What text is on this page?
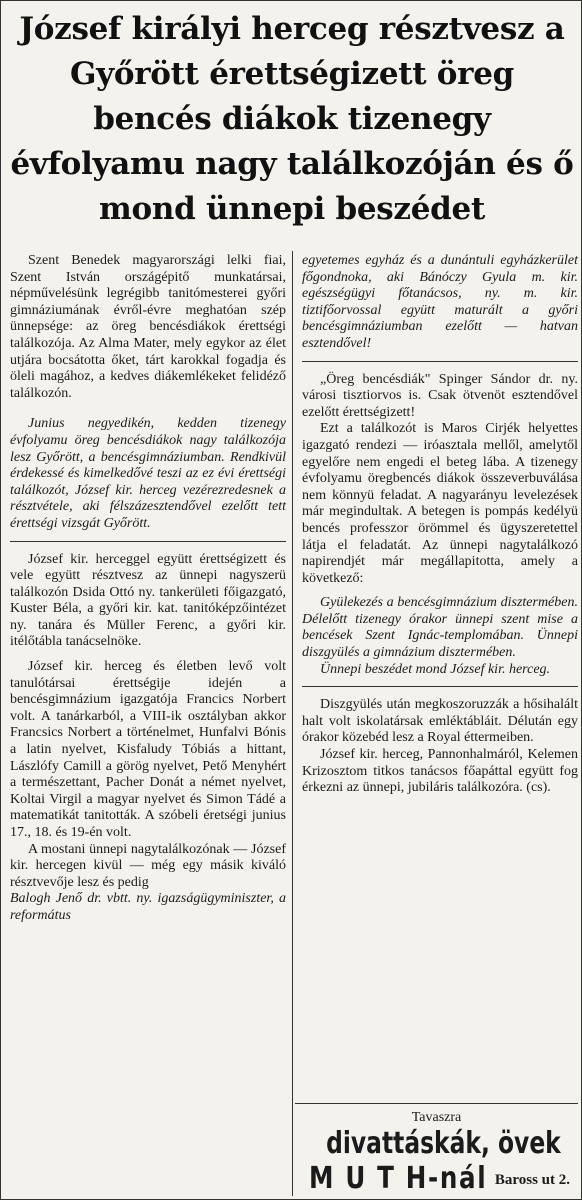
József királyi herceg résztvesz a Győrött érettségizett öreg bencés diákok tizenegy évfolyamu nagy találkozóján és ő mond ünnepi beszédet

Szent Benedek magyarországi lelki fiai, Szent István országépitő munkatársai, népművelésünk legrégibb tanitómesterei győri gimnáziumának évről-évre meghatóan szép ünnepsége: az öreg bencésdiákok érettségi találkozója. Az Alma Mater, mely egykor az élet utjára bocsátotta őket, tárt karokkal fogadja és öleli magához, a kedves diákemlékeket felidéző találkozón.

Junius negyedikén, kedden tizenegy évfolyamu öreg bencésdiákok nagy találkozója lesz Győrött, a bencésgimnáziumban. Rendkivül érdekessé és kimelkedővé teszi az ez évi érettségi találkozót, József kir. herceg vezérezredesnek a résztvétele, aki félszázesztendővel ezelőtt tett érettségi vizsgát Győrött.

József kir. herceggel együtt érettségizett és vele együtt résztvesz az ünnepi nagyszerü találkozón Dsida Ottó ny. tankerületi főigazgató, Kuster Béla, a győri kir. kat. tanitóképzőintézet ny. tanára és Müller Ferenc, a győri kir. itélőtábla tanácselnöke.

József kir. herceg és életben levő volt tanulótársai érettségije idején a bencésgimnázium igazgatója Francics Norbert volt. A tanárkarból, a VIII-ik osztályban akkor Francsics Norbert a történelmet, Hunfalvi Bónis a latin nyelvet, Kisfaludy Tóbiás a hittant, Lászlófy Camill a görög nyelvet, Pető Menyhért a természettant, Pacher Donát a német nyelvet, Koltai Virgil a magyar nyelvet és Simon Tádé a matematikát tanitották. A szóbeli éretségi junius 17., 18. és 19-én volt.

A mostani ünnepi nagytalálkozónak — József kir. hercegen kivül — még egy másik kiváló résztvevője lesz és pedig

Balogh Jenő dr. vbtt. ny. igazságügyminiszter, a református

egyetemes egyház és a dunántuli egyházkerület főgondnoka, aki Bánóczy Gyula m. kir. egészségügyi főtanácsos, ny. m. kir. tiztifőorvossal együtt maturált a győri bencésgimnáziumban ezelőtt — hatvan esztendővel!

„Öreg bencésdiák" Spinger Sándor dr. ny. városi tisztiorvos is. Csak ötvenöt esztendővel ezelőtt érettségizett!

Ezt a találkozót is Maros Cirjék helyettes igazgató rendezi — iróasztala mellől, amelytől egyelőre nem engedi el beteg lába. A tizenegy évfolyamu öregbencés diákok összeverbuválása nem könnyü feladat. A nagyarányu levelezések már megindultak. A betegen is pompás kedélyü bencés professzor örömmel és ügyszeretettel látja el feladatát. Az ünnepi nagytalálkozó napirendjét már megállapitotta, amely a következő:

Gyülekezés a bencésgimnázium disztermében. Délelőtt tizenegy órakor ünnepi szent mise a bencések Szent Ignác-templomában. Ünnepi diszgyülés a gimnázium disztermében.

Ünnepi beszédet mond József kir. herceg.

Diszgyülés után megkoszoruzzák a hősihalált halt volt iskolatársak emléktábláit. Délután egy órakor közebéd lesz a Royal éttermeiben.

József kir. herceg, Pannonhalmáról, Kelemen Krizosztom titkos tanácsos főapáttal együtt fog érkezni az ünnepi, jubiláris találkozóra. (cs).

Tavaszra
divattáskák, övek
M U T H-nál Baross ut 2.
